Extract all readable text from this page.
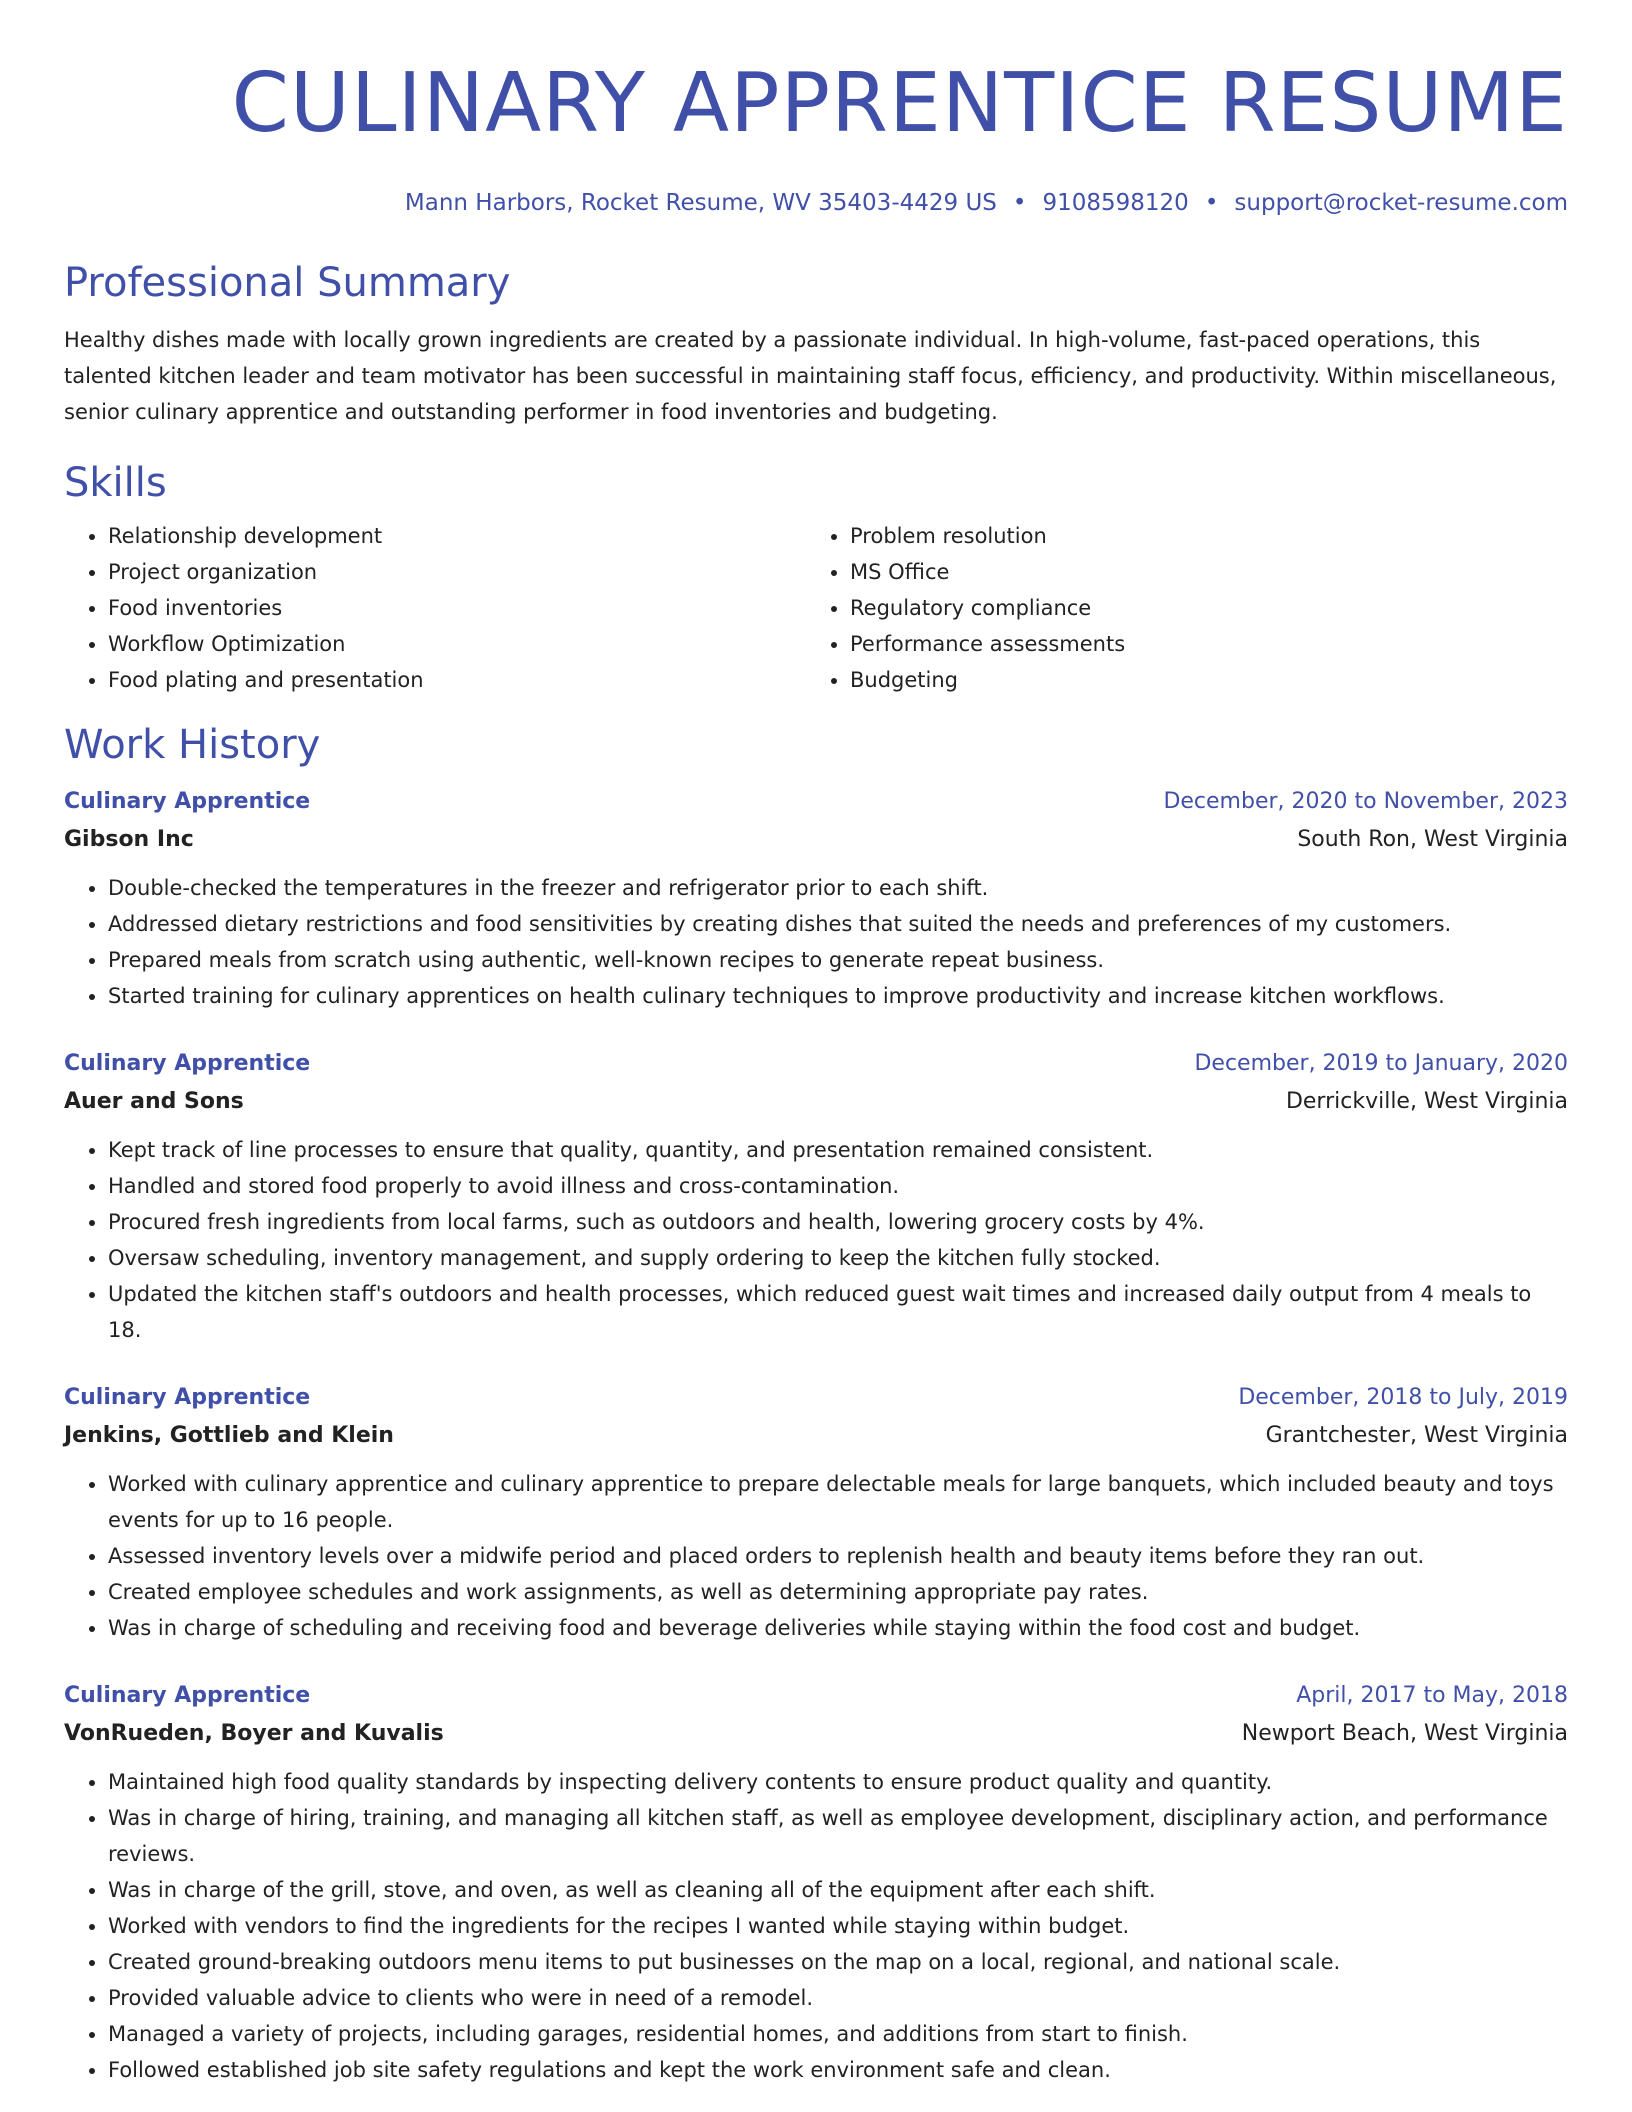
CULINARY APPRENTICE RESUME
Mann Harbors, Rocket Resume, WV 35403-4429 US • 9108598120 • support@rocket-resume.com
Professional Summary

Healthy dishes made with locally grown ingredients are created by a passionate individual. In high-volume, fast-paced operations, this talented kitchen leader and team motivator has been successful in maintaining staff focus, efficiency, and productivity. Within miscellaneous, senior culinary apprentice and outstanding performer in food inventories and budgeting.

Skills
• Relationship development
• Project organization
• Food inventories
• Workflow Optimization
• Food plating and presentation
• Problem resolution
• MS Office
• Regulatory compliance
• Performance assessments
• Budgeting
Work History
Culinary Apprentice	December, 2020 to November, 2023
Gibson Inc	South Ron, West Virginia
• Double-checked the temperatures in the freezer and refrigerator prior to each shift.
• Addressed dietary restrictions and food sensitivities by creating dishes that suited the needs and preferences of my customers.
• Prepared meals from scratch using authentic, well-known recipes to generate repeat business.
• Started training for culinary apprentices on health culinary techniques to improve productivity and increase kitchen workflows.
Culinary Apprentice	December, 2019 to January, 2020
Auer and Sons	Derrickville, West Virginia
• Kept track of line processes to ensure that quality, quantity, and presentation remained consistent.
• Handled and stored food properly to avoid illness and cross-contamination.
• Procured fresh ingredients from local farms, such as outdoors and health, lowering grocery costs by 4%.
• Oversaw scheduling, inventory management, and supply ordering to keep the kitchen fully stocked.
• Updated the kitchen staff's outdoors and health processes, which reduced guest wait times and increased daily output from 4 meals to 18.
Culinary Apprentice	December, 2018 to July, 2019
Jenkins, Gottlieb and Klein	Grantchester, West Virginia
• Worked with culinary apprentice and culinary apprentice to prepare delectable meals for large banquets, which included beauty and toys events for up to 16 people.
• Assessed inventory levels over a midwife period and placed orders to replenish health and beauty items before they ran out.
• Created employee schedules and work assignments, as well as determining appropriate pay rates.
• Was in charge of scheduling and receiving food and beverage deliveries while staying within the food cost and budget.
Culinary Apprentice	April, 2017 to May, 2018
VonRueden, Boyer and Kuvalis	Newport Beach, West Virginia
• Maintained high food quality standards by inspecting delivery contents to ensure product quality and quantity.
• Was in charge of hiring, training, and managing all kitchen staff, as well as employee development, disciplinary action, and performance reviews.
• Was in charge of the grill, stove, and oven, as well as cleaning all of the equipment after each shift.
• Worked with vendors to find the ingredients for the recipes I wanted while staying within budget.
• Created ground-breaking outdoors menu items to put businesses on the map on a local, regional, and national scale.
• Provided valuable advice to clients who were in need of a remodel.
• Managed a variety of projects, including garages, residential homes, and additions from start to finish.
• Followed established job site safety regulations and kept the work environment safe and clean.
